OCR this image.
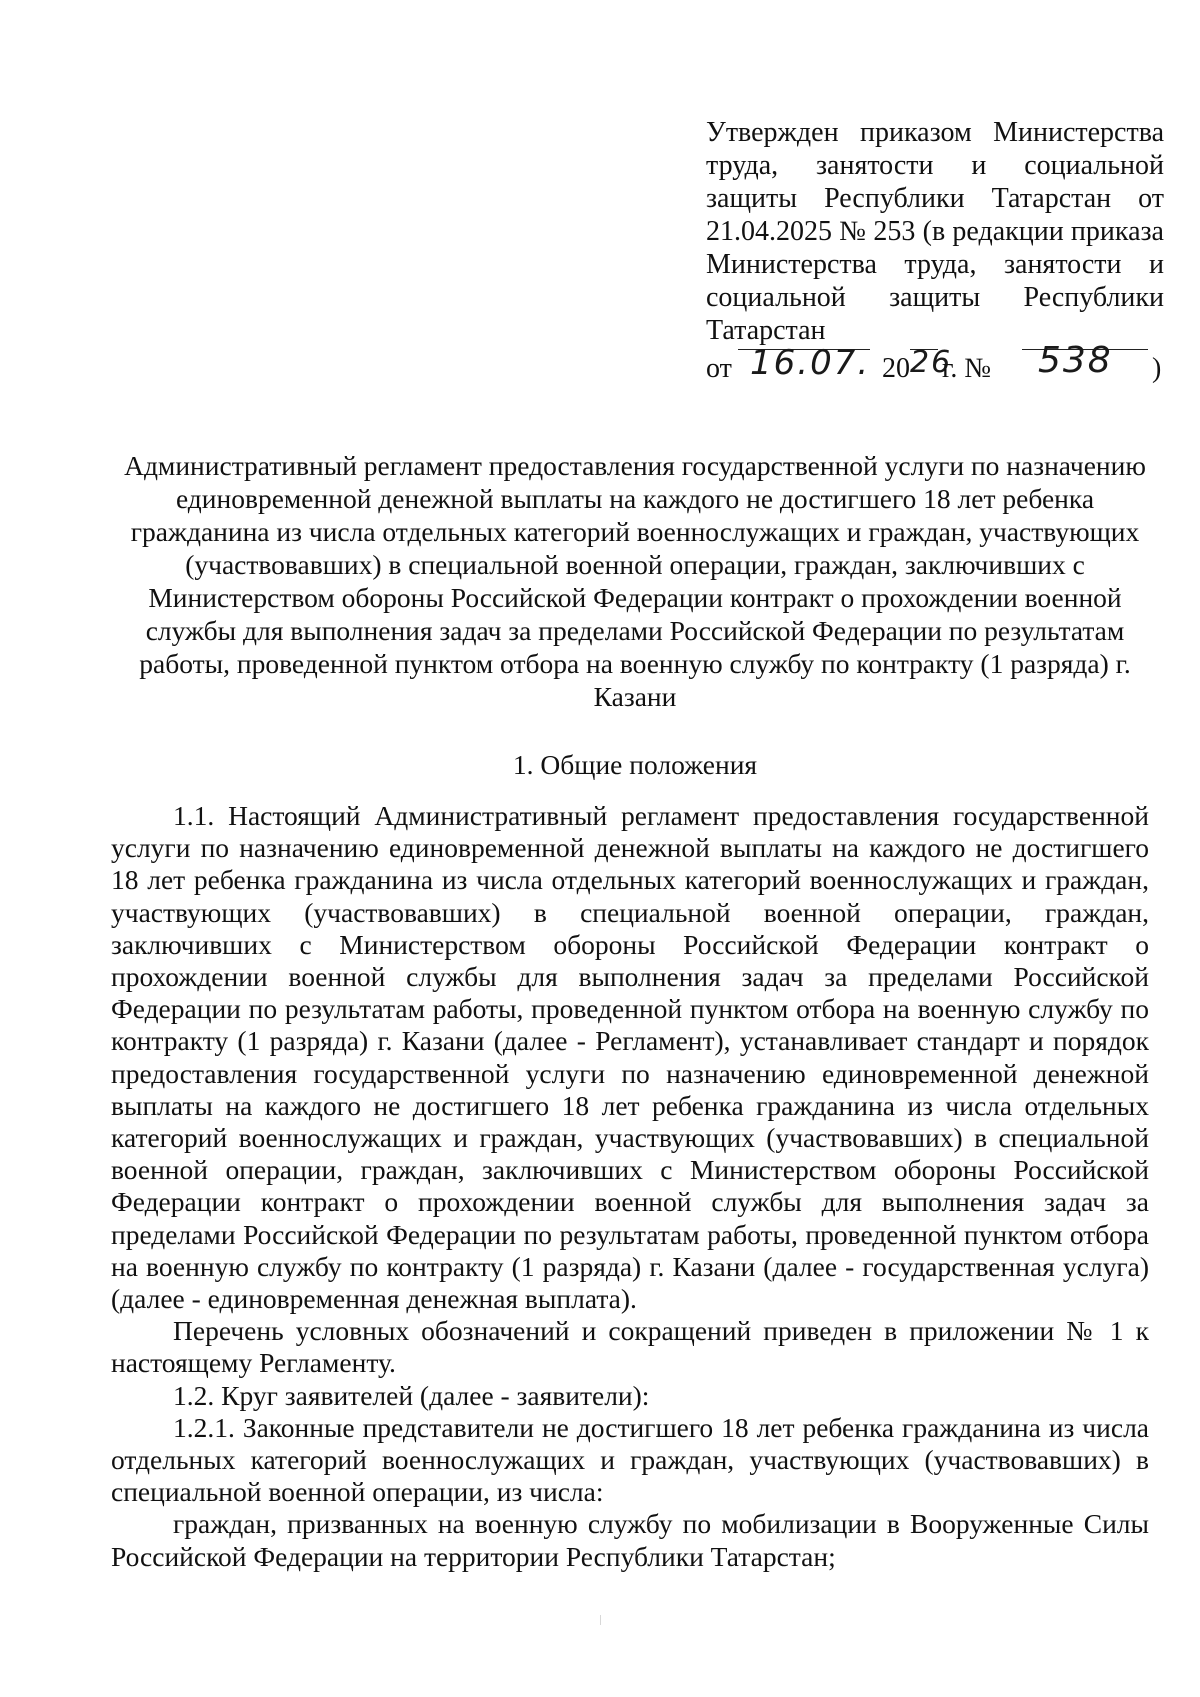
Утвержден приказом Министерства труда, занятости и социальной защиты Республики Татарстан от 21.04.2025 № 253 (в редакции приказа Министерства труда, занятости и социальной защиты Республики Татарстан

от 16.07. 20 26
г. № 538 )
Административный регламент предоставления государственной услуги по назначению единовременной денежной выплаты на каждого не достигшего 18 лет ребенка гражданина из числа отдельных категорий военнослужащих и граждан, участвующих (участвовавших) в специальной военной операции, граждан, заключивших с Министерством обороны Российской Федерации контракт о прохождении военной службы для выполнения задач за пределами Российской Федерации по результатам работы, проведенной пунктом отбора на военную службу по контракту (1 разряда) г. Казани
1. Общие положения

1.1. Настоящий Административный регламент предоставления государственной услуги по назначению единовременной денежной выплаты на каждого не достигшего 18 лет ребенка гражданина из числа отдельных категорий военнослужащих и граждан, участвующих (участвовавших) в специальной военной операции, граждан, заключивших с Министерством обороны Российской Федерации контракт о прохождении военной службы для выполнения задач за пределами Российской Федерации по результатам работы, проведенной пунктом отбора на военную службу по контракту (1 разряда) г. Казани (далее - Регламент), устанавливает стандарт и порядок предоставления государственной услуги по назначению единовременной денежной выплаты на каждого не достигшего 18 лет ребенка гражданина из числа отдельных категорий военнослужащих и граждан, участвующих (участвовавших) в специальной военной операции, граждан, заключивших с Министерством обороны Российской Федерации контракт о прохождении военной службы для выполнения задач за пределами Российской Федерации по результатам работы, проведенной пунктом отбора на военную службу по контракту (1 разряда) г. Казани (далее - государственная услуга) (далее - единовременная денежная выплата).

Перечень условных обозначений и сокращений приведен в приложении № 1 к настоящему Регламенту.

1.2. Круг заявителей (далее - заявители):

1.2.1. Законные представители не достигшего 18 лет ребенка гражданина из числа отдельных категорий военнослужащих и граждан, участвующих (участвовавших) в специальной военной операции, из числа:

граждан, призванных на военную службу по мобилизации в Вооруженные Силы Российской Федерации на территории Республики Татарстан;
